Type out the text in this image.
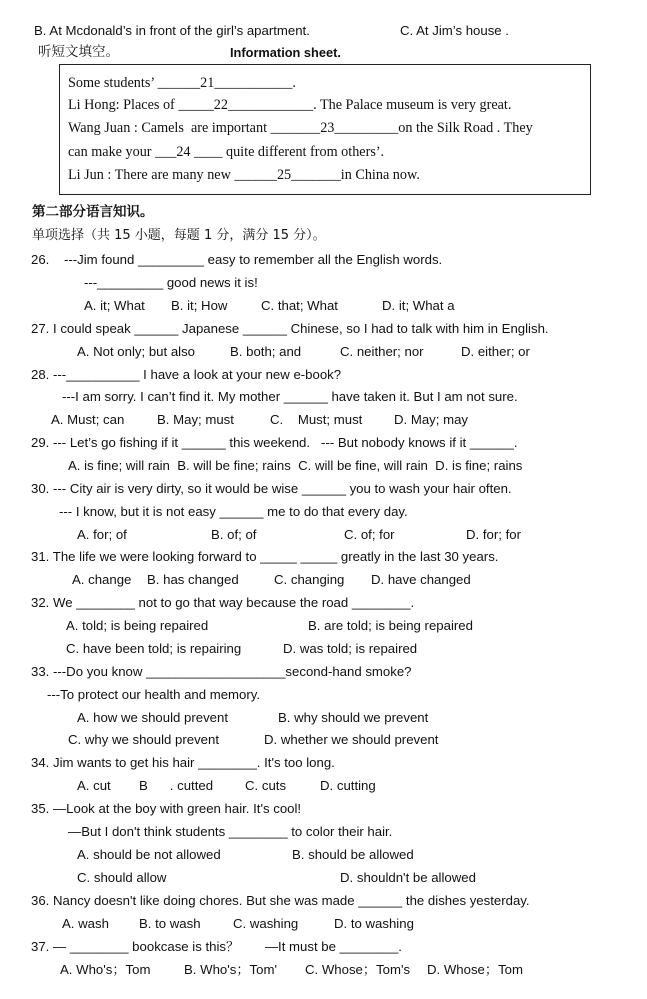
B. At Mcdonald’s in front of the girl’s apartment.	C. At Jim’s house .
听短文填空。	Information sheet.
Some students’ ______21___________.
Li Hong: Places of _____22____________. The Palace museum is very great.
Wang Juan : Camels  are important _______23_________on the Silk Road . They
can make your ___24 ____ quite different from others’.
Li Jun : There are many new ______25_______in China now.
第二部分语言知识。
单项选择（共 15 小题，每题 1 分，满分 15 分）。
26.    ---Jim found _________ easy to remember all the English words.
---_________ good news it is!
A. it; What B. it; How	C. that; What	D. it; What a
27. I could speak ______ Japanese ______ Chinese, so I had to talk with him in English.
A. Not only; but also	B. both; and	C. neither; nor	D. either; or
28. ---__________ I have a look at your new e-book?
---I am sorry. I can’t find it. My mother ______ have taken it. But I am not sure.
A. Must; can B. May; must	C.    Must; must D. May; may
29. --- Let’s go fishing if it ______ this weekend.   --- But nobody knows if it ______.
A. is fine; will rain  B. will be fine; rains  C. will be fine, will rain  D. is fine; rains
30. --- City air is very dirty, so it would be wise ______ you to wash your hair often.
--- I know, but it is not easy ______ me to do that every day.
A. for; of	B. of; of	C. of; for	D. for; for
31. The life we were looking forward to _____ _____ greatly in the last 30 years.
A. change B. has changed	C. changing D. have changed
32. We ________ not to go that way because the road ________.
A. told; is being repaired	B. are told; is being repaired
C. have been told; is repairing	D. was told; is repaired
33. ---Do you know ___________________second-hand smoke?
---To protect our health and memory.
A. how we should prevent	B. why should we prevent
C. why we should prevent	D. whether we should prevent
34. Jim wants to get his hair ________. It's too long.
A. cut B      . cutted C. cuts	D. cutting
35. —Look at the boy with green hair. It's cool!
—But I don't think students ________ to color their hair.
A. should be not allowed	B. should be allowed
C. should allow	D. shouldn't be allowed
36. Nancy doesn't like doing chores. But she was made ______ the dishes yesterday.
A. wash B. to wash C. washing	D. to washing
37. — ________ bookcase is this？       —It must be ________.
A. Who's；Tom	B. Who's；Tom' C. Whose；Tom's D. Whose；Tom
